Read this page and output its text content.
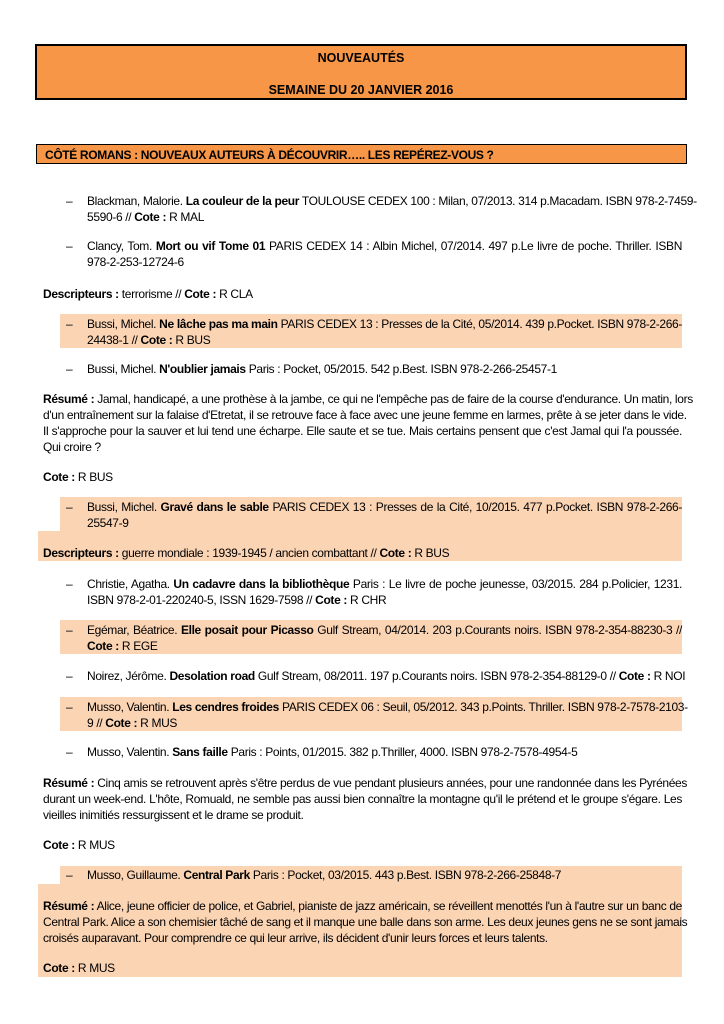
NOUVEAUTÉS
SEMAINE DU 20 JANVIER 2016
CÔTÉ ROMANS : NOUVEAUX AUTEURS À DÉCOUVRIR….. LES REPÉREZ-VOUS ?
– Blackman, Malorie. La couleur de la peur TOULOUSE CEDEX 100 : Milan, 07/2013. 314 p.Macadam. ISBN 978-2-7459-
5590-6 // Cote : R MAL
– Clancy, Tom. Mort ou vif Tome 01 PARIS CEDEX 14 : Albin Michel, 07/2014. 497 p.Le livre de poche. Thriller. ISBN
978-2-253-12724-6
Descripteurs : terrorisme // Cote : R CLA
– Bussi, Michel. Ne lâche pas ma main PARIS CEDEX 13 : Presses de la Cité, 05/2014. 439 p.Pocket. ISBN 978-2-266-
24438-1 // Cote : R BUS
– Bussi, Michel. N'oublier jamais Paris : Pocket, 05/2015. 542 p.Best. ISBN 978-2-266-25457-1
Résumé : Jamal, handicapé, a une prothèse à la jambe, ce qui ne l'empêche pas de faire de la course d'endurance. Un matin, lors
d'un entraînement sur la falaise d'Etretat, il se retrouve face à face avec une jeune femme en larmes, prête à se jeter dans le vide.
Il s'approche pour la sauver et lui tend une écharpe. Elle saute et se tue. Mais certains pensent que c'est Jamal qui l'a poussée.
Qui croire ?
Cote : R BUS
– Bussi, Michel. Gravé dans le sable PARIS CEDEX 13 : Presses de la Cité, 10/2015. 477 p.Pocket. ISBN 978-2-266-
25547-9
Descripteurs : guerre mondiale : 1939-1945 / ancien combattant // Cote : R BUS
– Christie, Agatha. Un cadavre dans la bibliothèque Paris : Le livre de poche jeunesse, 03/2015. 284 p.Policier, 1231.
ISBN 978-2-01-220240-5, ISSN 1629-7598 // Cote : R CHR
– Egémar, Béatrice. Elle posait pour Picasso Gulf Stream, 04/2014. 203 p.Courants noirs. ISBN 978-2-354-88230-3 //
Cote : R EGE
– Noirez, Jérôme. Desolation road Gulf Stream, 08/2011. 197 p.Courants noirs. ISBN 978-2-354-88129-0 // Cote : R NOI
– Musso, Valentin. Les cendres froides PARIS CEDEX 06 : Seuil, 05/2012. 343 p.Points. Thriller. ISBN 978-2-7578-2103-
9 // Cote : R MUS
– Musso, Valentin. Sans faille Paris : Points, 01/2015. 382 p.Thriller, 4000. ISBN 978-2-7578-4954-5
Résumé : Cinq amis se retrouvent après s'être perdus de vue pendant plusieurs années, pour une randonnée dans les Pyrénées
durant un week-end. L'hôte, Romuald, ne semble pas aussi bien connaître la montagne qu'il le prétend et le groupe s'égare. Les
vieilles inimitiés ressurgissent et le drame se produit.
Cote : R MUS
– Musso, Guillaume. Central Park Paris : Pocket, 03/2015. 443 p.Best. ISBN 978-2-266-25848-7
Résumé : Alice, jeune officier de police, et Gabriel, pianiste de jazz américain, se réveillent menottés l'un à l'autre sur un banc de
Central Park. Alice a son chemisier tâché de sang et il manque une balle dans son arme. Les deux jeunes gens ne se sont jamais
croisés auparavant. Pour comprendre ce qui leur arrive, ils décident d'unir leurs forces et leurs talents.
Cote : R MUS
